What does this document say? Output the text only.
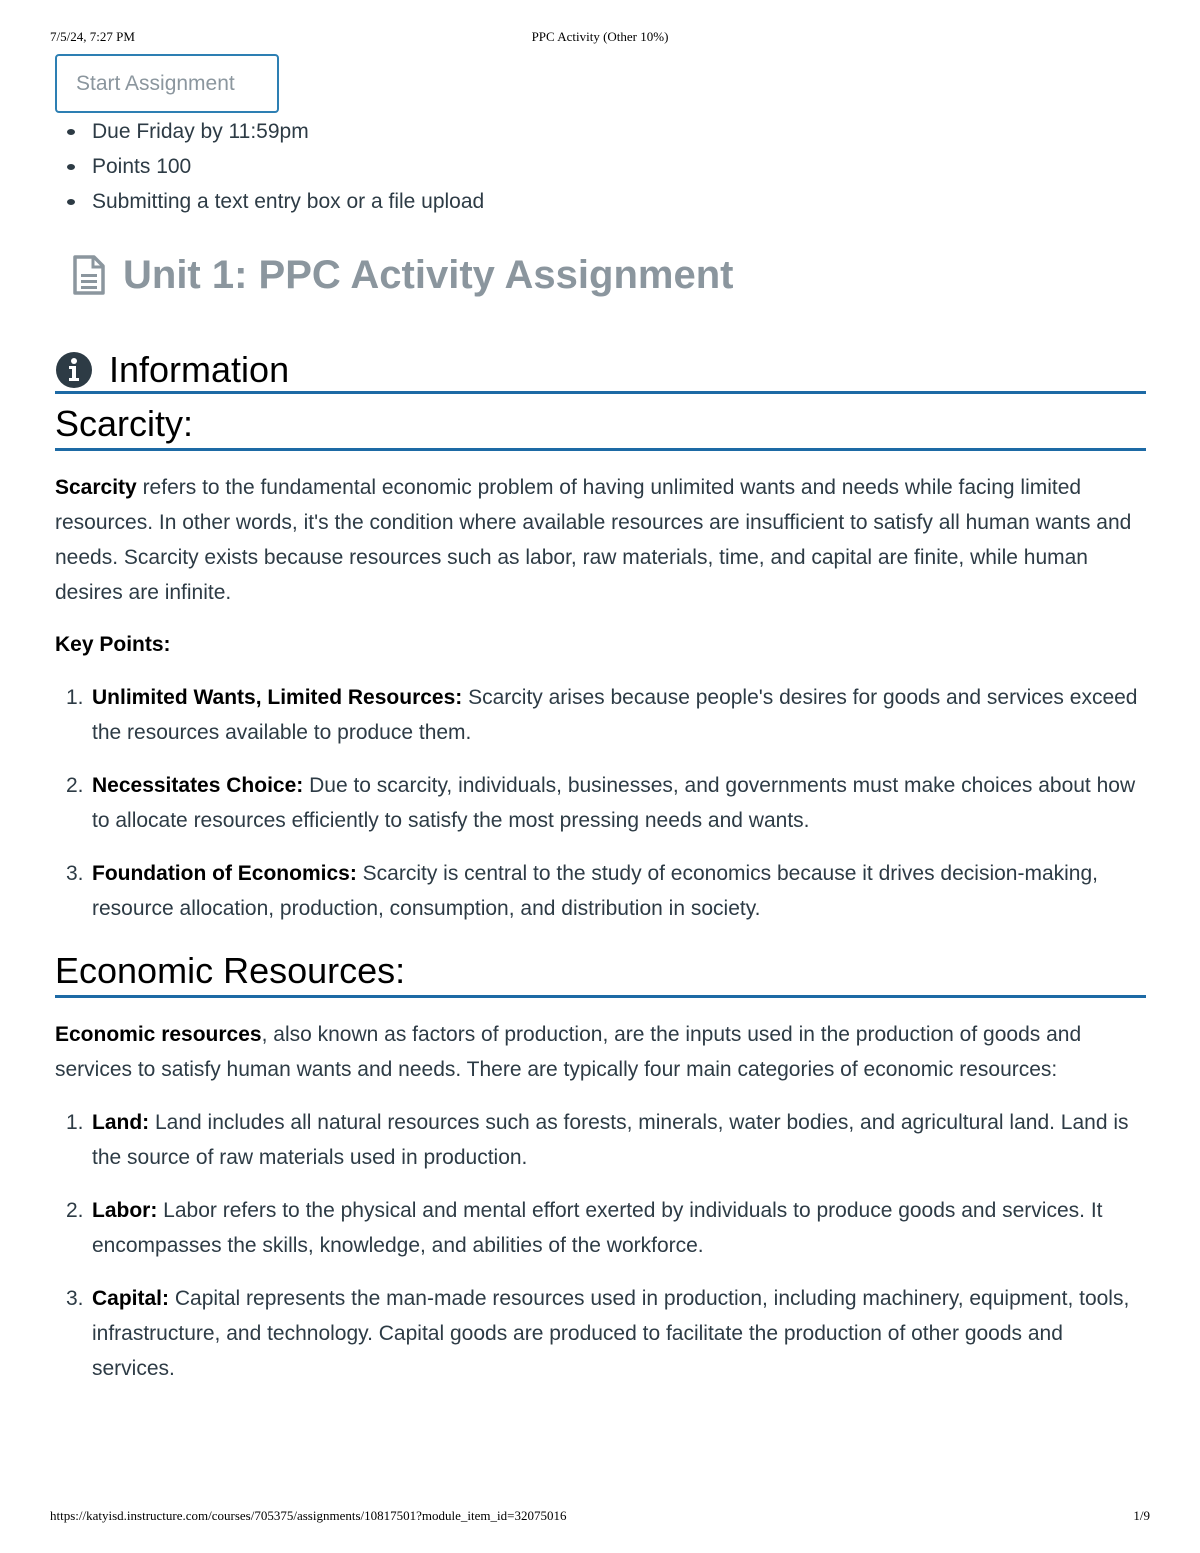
7/5/24, 7:27 PM	PPC Activity (Other 10%)
Start Assignment
Due Friday by 11:59pm
Points 100
Submitting a text entry box or a file upload
Unit 1: PPC Activity Assignment
Information
Scarcity:

Scarcity refers to the fundamental economic problem of having unlimited wants and needs while facing limited resources. In other words, it's the condition where available resources are insufficient to satisfy all human wants and needs. Scarcity exists because resources such as labor, raw materials, time, and capital are finite, while human desires are infinite.

Key Points:

1. Unlimited Wants, Limited Resources: Scarcity arises because people's desires for goods and services exceed the resources available to produce them.
2. Necessitates Choice: Due to scarcity, individuals, businesses, and governments must make choices about how to allocate resources efficiently to satisfy the most pressing needs and wants.
3. Foundation of Economics: Scarcity is central to the study of economics because it drives decision-making, resource allocation, production, consumption, and distribution in society.
Economic Resources:

Economic resources, also known as factors of production, are the inputs used in the production of goods and services to satisfy human wants and needs. There are typically four main categories of economic resources:

1. Land: Land includes all natural resources such as forests, minerals, water bodies, and agricultural land. Land is the source of raw materials used in production.
2. Labor: Labor refers to the physical and mental effort exerted by individuals to produce goods and services. It encompasses the skills, knowledge, and abilities of the workforce.
3. Capital: Capital represents the man-made resources used in production, including machinery, equipment, tools, infrastructure, and technology. Capital goods are produced to facilitate the production of other goods and services.
https://katyisd.instructure.com/courses/705375/assignments/10817501?module_item_id=32075016	1/9
